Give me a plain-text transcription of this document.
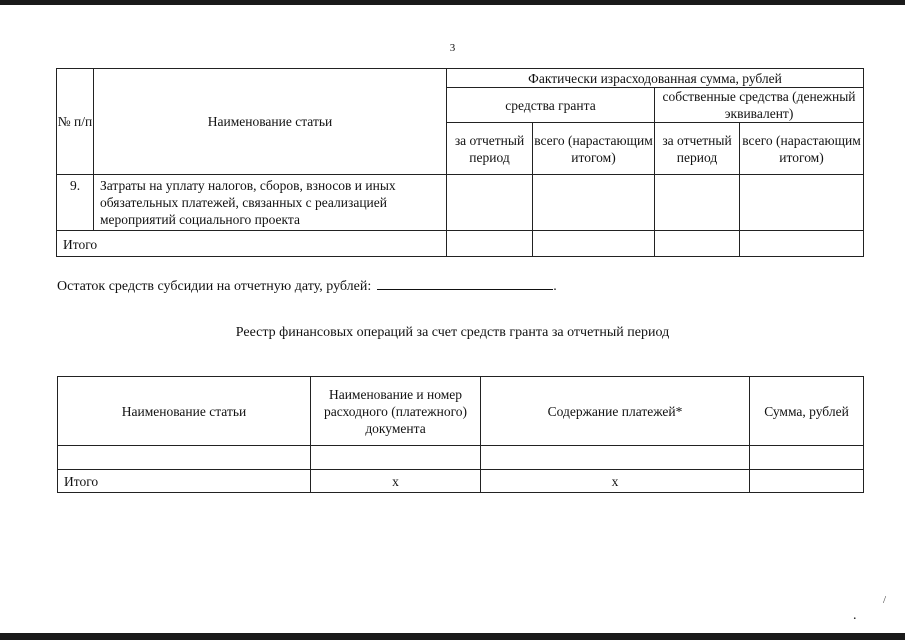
3
№ п/п	Наименование статьи	Фактически израсходованная сумма, рублей			
		средства гранта		собственные средства (денежный эквивалент)	
		за отчетный период	всего (нарастающим итогом)	за отчетный период	всего (нарастающим итогом)
9.	Затраты на уплату налогов, сборов, взносов и иных обязательных платежей, связанных с реализацией мероприятий социального проекта				
Итого					
Остаток средств субсидии на отчетную дату, рублей:	.
Реестр финансовых операций за счет средств гранта за отчетный период
Наименование статьи	Наименование и номер расходного (платежного) документа	Содержание платежей*	Сумма, рублей

Итого	х	х	
.
/
